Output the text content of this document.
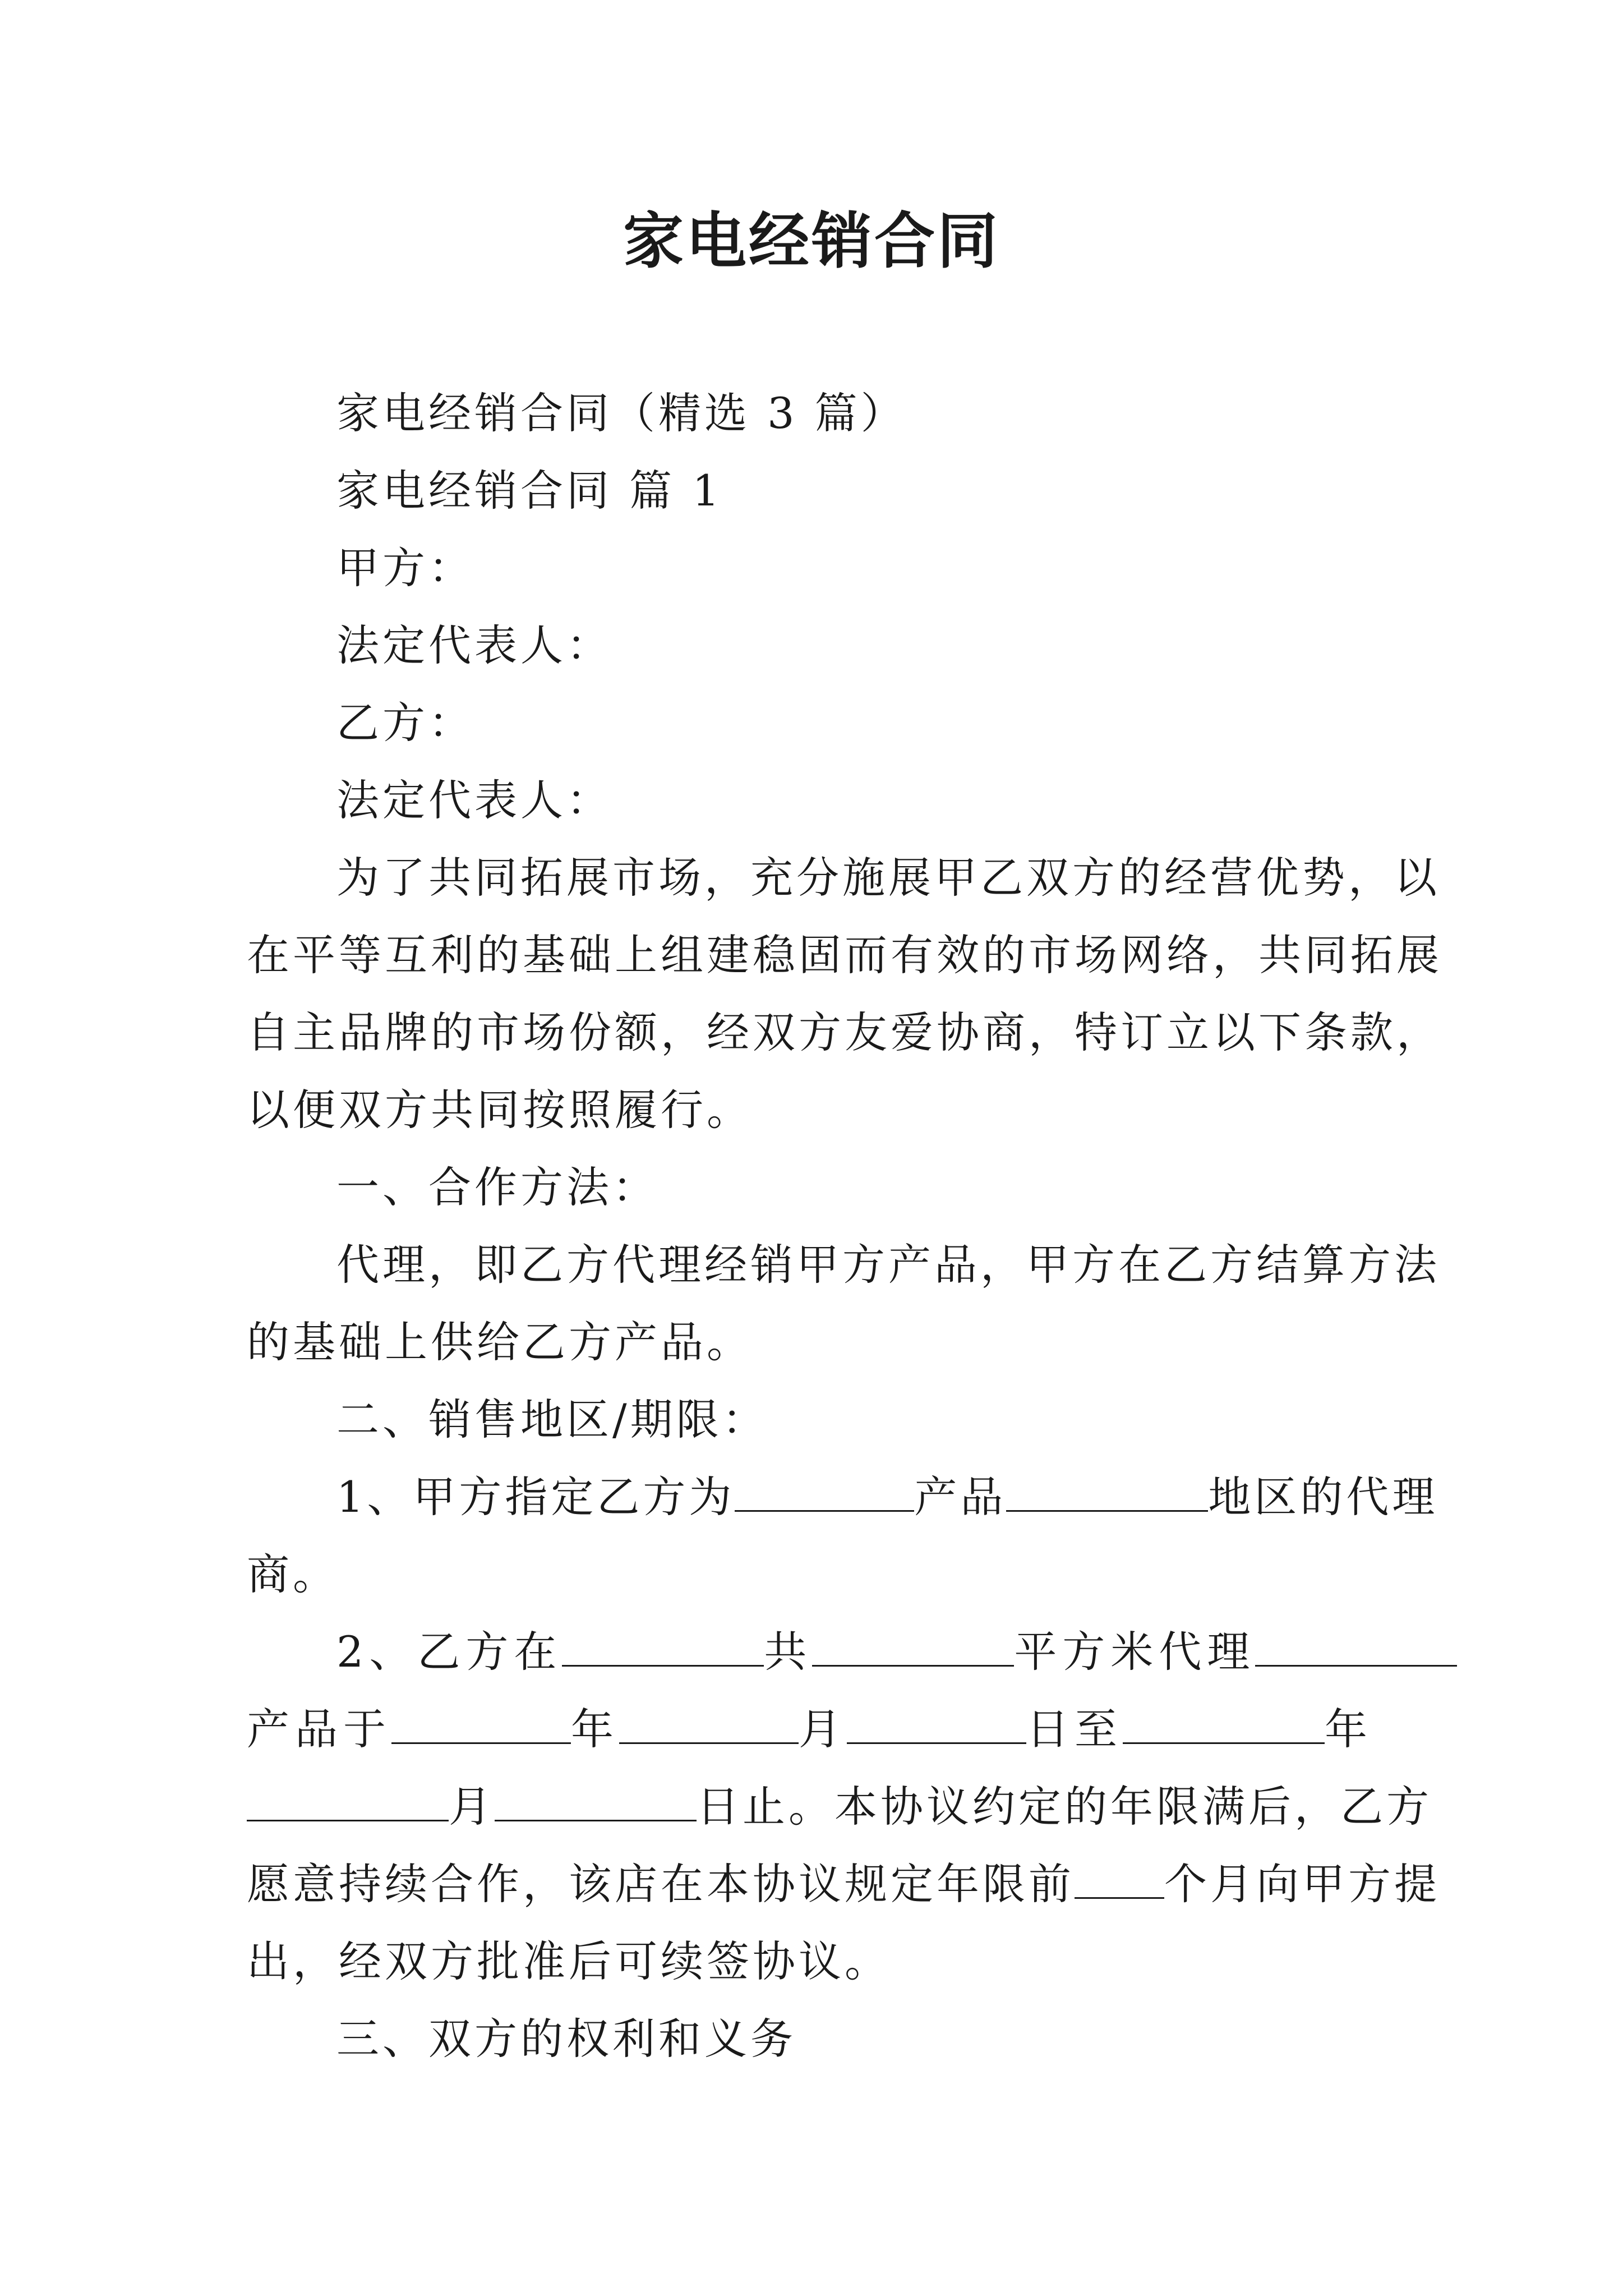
家电经销合同
家电经销合同（精选 3 篇）
家电经销合同 篇 1
甲方：
法定代表人：
乙方：
法定代表人：
为了共同拓展市场，充分施展甲乙双方的经营优势，以
在平等互利的基础上组建稳固而有效的市场网络，共同拓展
自主品牌的市场份额，经双方友爱协商，特订立以下条款，
以便双方共同按照履行。
一、合作方法：
代理，即乙方代理经销甲方产品，甲方在乙方结算方法
的基础上供给乙方产品。
二、销售地区/期限：
1、甲方指定乙方为	产品	地区的代理
商。
2、乙方在	共	平方米代理
产品于	年	月	日至	年
月	日止。本协议约定的年限满后，乙方
愿意持续合作，该店在本协议规定年限前 个月向甲方提
出，经双方批准后可续签协议。
三、双方的权利和义务
